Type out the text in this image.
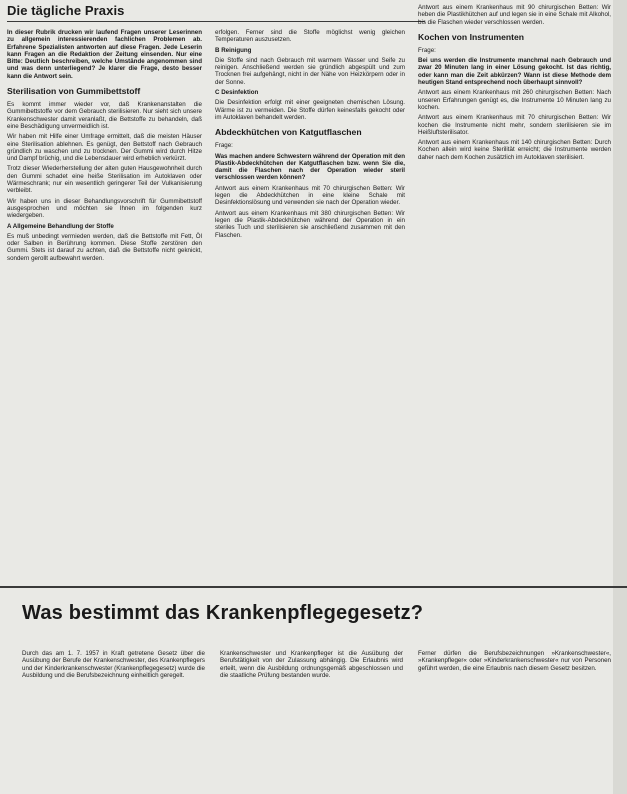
Die tägliche Praxis

In dieser Rubrik drucken wir laufend Fragen unserer Leserinnen zu allgemein interessierenden fachlichen Problemen ab. Erfahrene Spezialisten antworten auf diese Fragen. Jede Leserin kann Fragen an die Redaktion der Zeitung einsenden. Nur eine Bitte: Deutlich beschreiben, welche Umstände angenommen sind und was denn unterliegend? Je klarer die Frage, desto besser kann die Antwort sein.

Sterilisation von Gummibettstoff

Es kommt immer wieder vor, daß Krankenanstalten die Gummibettstoffe vor dem Gebrauch sterilisieren. Nur sieht sich unsere Krankenschwester damit veranlaßt, die Bettstoffe zu behandeln, daß eine Beschädigung unvermeidlich ist.

Wir haben mit Hilfe einer Umfrage ermittelt, daß die meisten Häuser eine Sterilisation ablehnen. Es genügt, den Bettstoff nach Gebrauch gründlich zu waschen und zu trocknen. Der Gummi wird durch Hitze und Dampf brüchig, und die Lebensdauer wird erheblich verkürzt.

Trotz dieser Wiederherstellung der alten guten Hausgewohnheit durch den Gummi schadet eine heiße Sterilisation im Autoklaven oder Wärmeschrank; nur ein wesentlich geringerer Teil der Vulkanisierung verbleibt.

Wir haben uns in dieser Behandlungsvorschrift für Gummibettstoff ausgesprochen und möchten sie Ihnen im folgenden kurz wiedergeben.

A Allgemeine Behandlung der Stoffe

Es muß unbedingt vermieden werden, daß die Bettstoffe mit Fett, Öl oder Salben in Berührung kommen. Diese Stoffe zerstören den Gummi. Stets ist darauf zu achten, daß die Bettstoffe nicht geknickt, sondern gerollt aufbewahrt werden.

erfolgen. Ferner sind die Stoffe möglichst wenig gleichen Temperaturen auszusetzen.

B Reinigung

Die Stoffe sind nach Gebrauch mit warmem Wasser und Seife zu reinigen. Anschließend werden sie gründlich abgespült und zum Trocknen frei aufgehängt, nicht in der Nähe von Heizkörpern oder in der Sonne.

C Desinfektion

Die Desinfektion erfolgt mit einer geeigneten chemischen Lösung. Wärme ist zu vermeiden. Die Stoffe dürfen keinesfalls gekocht oder im Autoklaven behandelt werden.

Abdeckhütchen von Katgutflaschen

Frage:

Was machen andere Schwestern während der Operation mit den Plastik-Abdeckhütchen der Katgutflaschen bzw. wenn Sie die, damit die Flaschen nach der Operation wieder steril verschlossen werden können?

Antwort aus einem Krankenhaus mit 70 chirurgischen Betten: Wir legen die Abdeckhütchen in eine kleine Schale mit Desinfektionslösung und verwenden sie nach der Operation wieder.

Antwort aus einem Krankenhaus mit 380 chirurgischen Betten: Wir legen die Plastik-Abdeckhütchen während der Operation in ein steriles Tuch und sterilisieren sie anschließend zusammen mit den Flaschen.

Antwort aus einem Krankenhaus mit 90 chirurgischen Betten: Wir heben die Plastikhütchen auf und legen sie in eine Schale mit Alkohol, bis die Flaschen wieder verschlossen werden.

Kochen von Instrumenten

Frage:

Bei uns werden die Instrumente manchmal nach Gebrauch und zwar 20 Minuten lang in einer Lösung gekocht. Ist das richtig, oder kann man die Zeit abkürzen? Wann ist diese Methode dem heutigen Stand entsprechend noch überhaupt sinnvoll?

Antwort aus einem Krankenhaus mit 260 chirurgischen Betten: Nach unseren Erfahrungen genügt es, die Instrumente 10 Minuten lang zu kochen.

Antwort aus einem Krankenhaus mit 70 chirurgischen Betten: Wir kochen die Instrumente nicht mehr, sondern sterilisieren sie im Heißluftsterilisator.

Antwort aus einem Krankenhaus mit 140 chirurgischen Betten: Durch Kochen allein wird keine Sterilität erreicht; die Instrumente werden daher nach dem Kochen zusätzlich im Autoklaven sterilisiert.

Was bestimmt das Krankenpflegegesetz?

Durch das am 1. 7. 1957 in Kraft getretene Gesetz über die Ausübung der Berufe der Krankenschwester, des Krankenpflegers und der Kinderkrankenschwester (Krankenpflegegesetz) wurde die Ausbildung und die Berufsbezeichnung einheitlich geregelt.

Krankenschwester und Krankenpfleger ist die Ausübung der Berufstätigkeit von der Zulassung abhängig. Die Erlaubnis wird erteilt, wenn die Ausbildung ordnungsgemäß abgeschlossen und die staatliche Prüfung bestanden wurde.

Ferner dürfen die Berufsbezeichnungen »Krankenschwester«, »Krankenpfleger« oder »Kinderkrankenschwester« nur von Personen geführt werden, die eine Erlaubnis nach diesem Gesetz besitzen.
